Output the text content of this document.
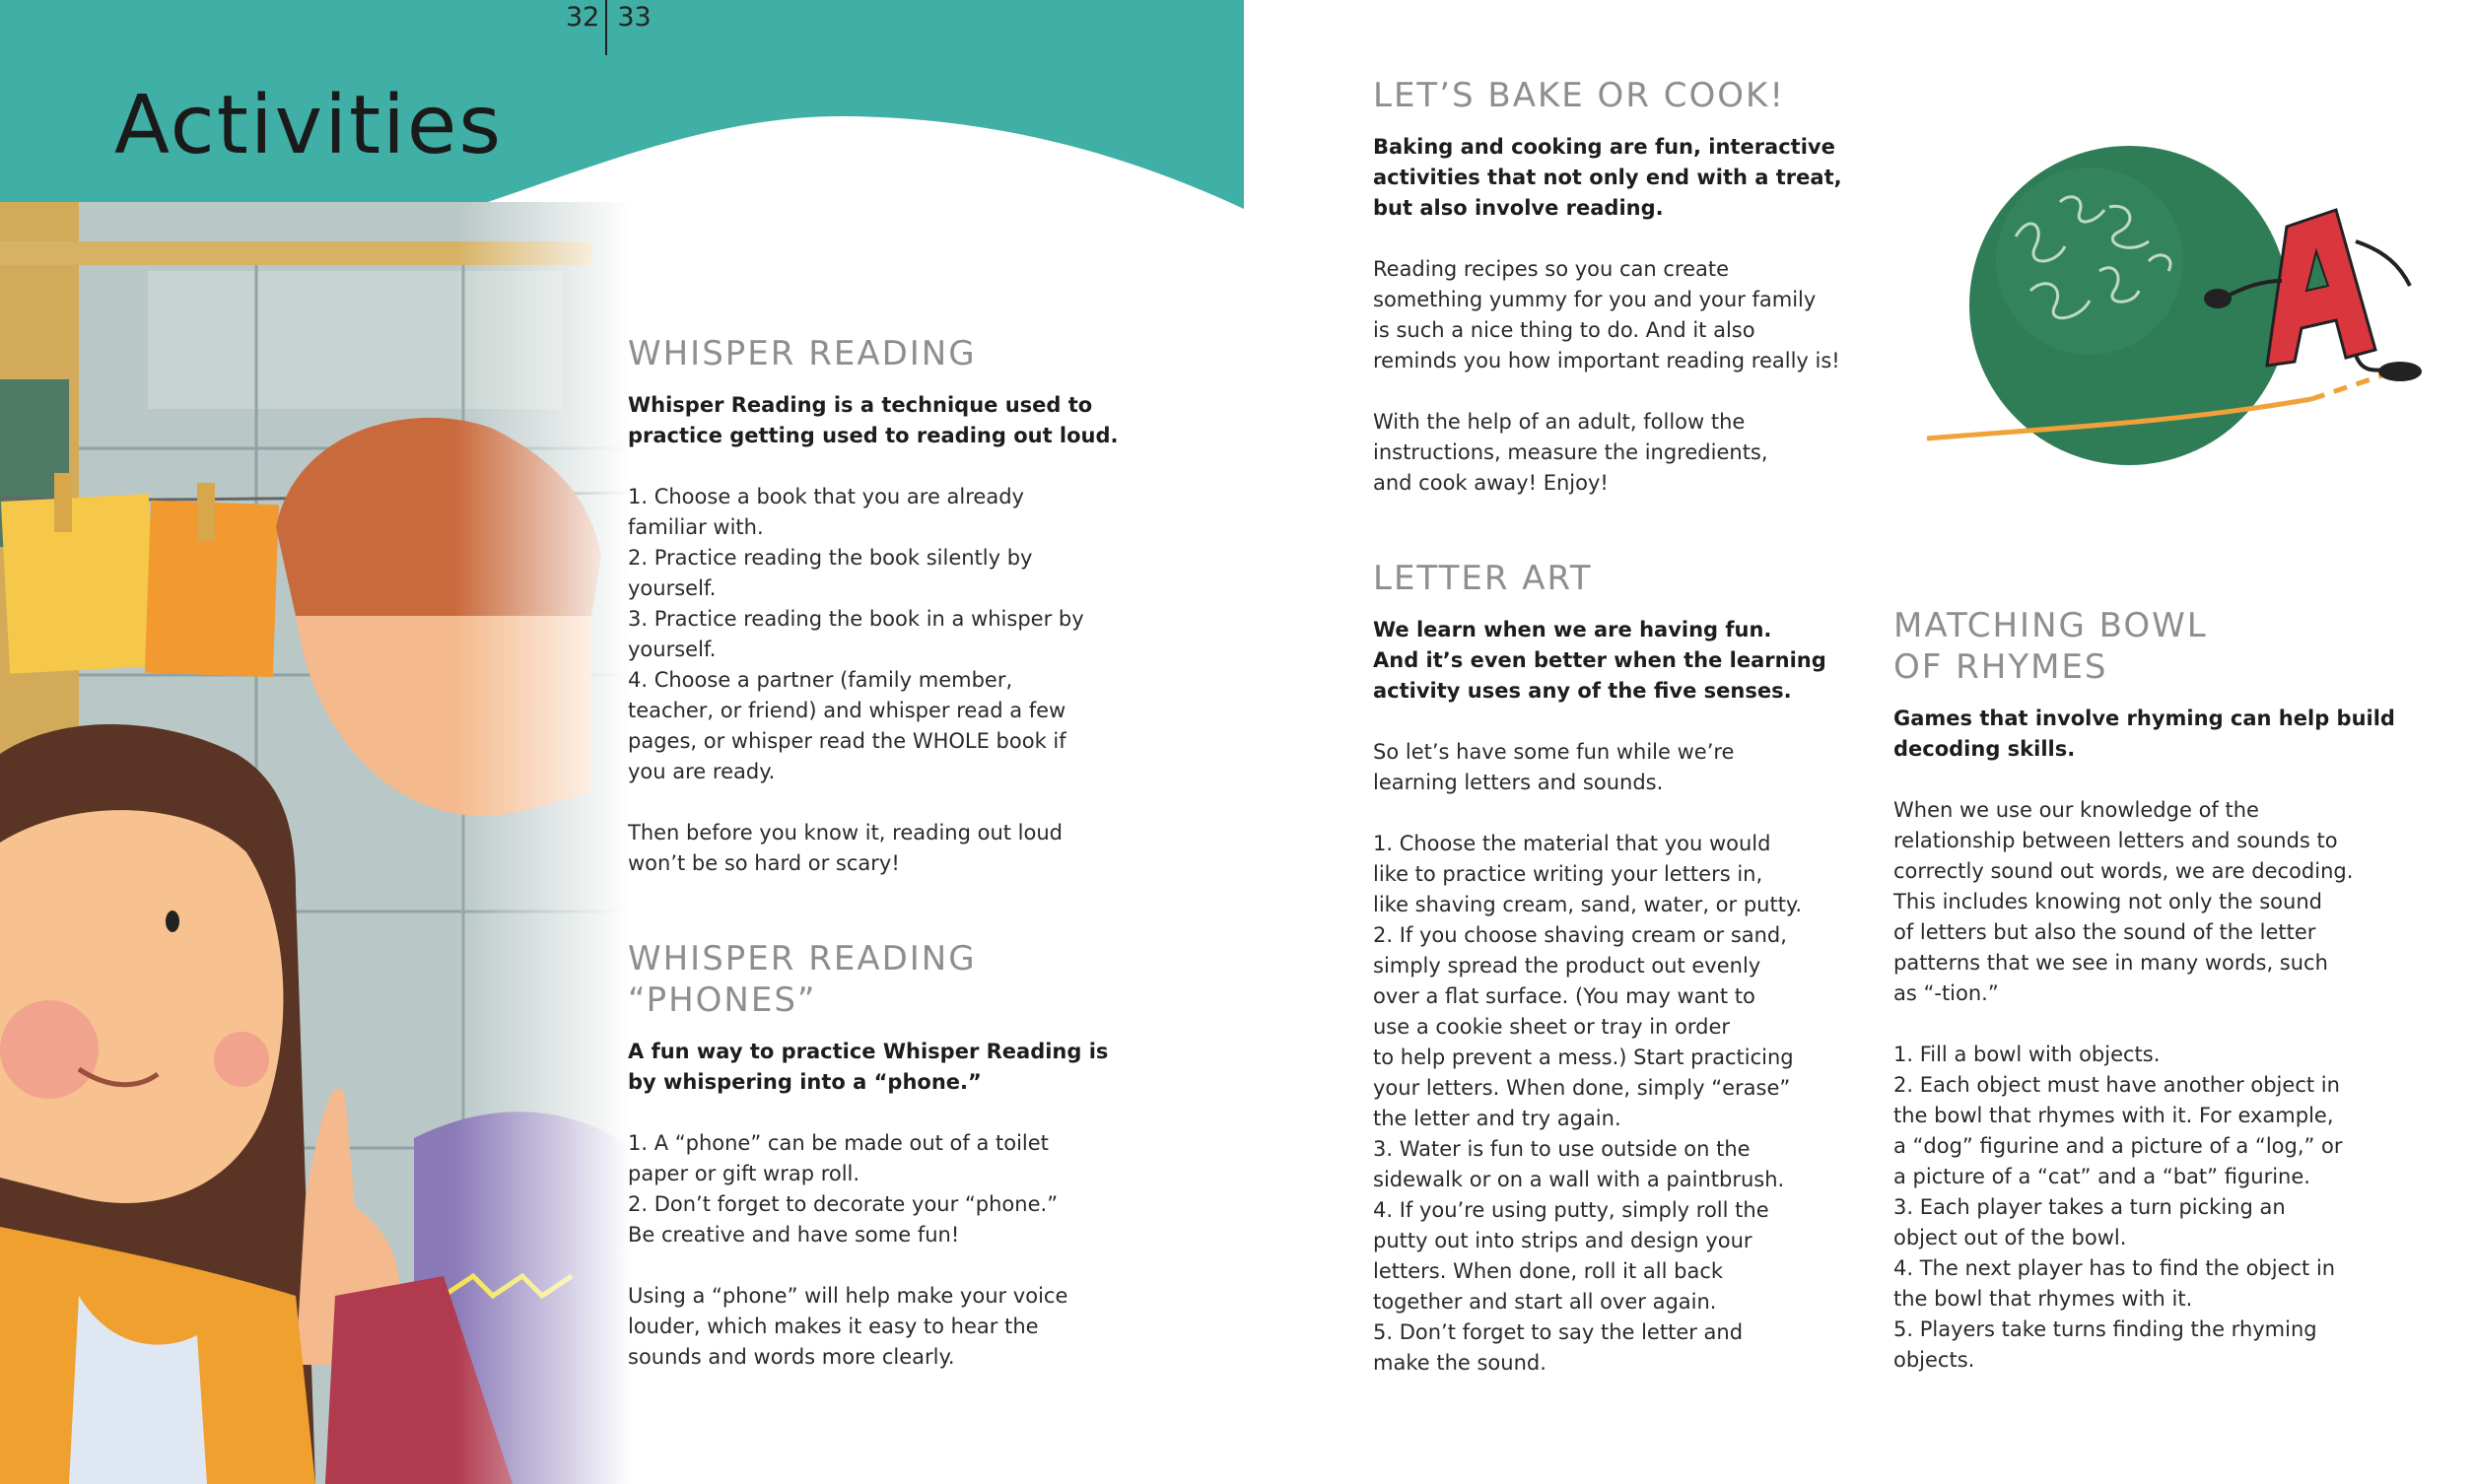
32 33
Activities
WHISPER READING
Whisper Reading is a technique used to
practice getting used to reading out loud.

1. Choose a book that you are already

familiar with.

2. Practice reading the book silently by

yourself.

3. Practice reading the book in a whisper by

yourself.

4. Choose a partner (family member,

teacher, or friend) and whisper read a few

pages, or whisper read the WHOLE book if

you are ready.

Then before you know it, reading out loud

won’t be so hard or scary!

WHISPER READING
“PHONES”
A fun way to practice Whisper Reading is
by whispering into a “phone.”

1. A “phone” can be made out of a toilet

paper or gift wrap roll.

2. Don’t forget to decorate your “phone.”

Be creative and have some fun!

Using a “phone” will help make your voice

louder, which makes it easy to hear the

sounds and words more clearly.

LET’S BAKE OR COOK!
Baking and cooking are fun, interactive
activities that not only end with a treat,
but also involve reading.

Reading recipes so you can create

something yummy for you and your family

is such a nice thing to do. And it also

reminds you how important reading really is!

With the help of an adult, follow the

instructions, measure the ingredients,

and cook away! Enjoy!

LETTER ART
We learn when we are having fun.
And it’s even better when the learning
activity uses any of the five senses.

So let’s have some fun while we’re

learning letters and sounds.

1. Choose the material that you would

like to practice writing your letters in,

like shaving cream, sand, water, or putty.

2. If you choose shaving cream or sand,

simply spread the product out evenly

over a flat surface. (You may want to

use a cookie sheet or tray in order

to help prevent a mess.) Start practicing

your letters. When done, simply “erase”

the letter and try again.

3. Water is fun to use outside on the

sidewalk or on a wall with a paintbrush.

4. If you’re using putty, simply roll the

putty out into strips and design your

letters. When done, roll it all back

together and start all over again.

5. Don’t forget to say the letter and

make the sound.

MATCHING BOWL
OF RHYMES
Games that involve rhyming can help build
decoding skills.

When we use our knowledge of the

relationship between letters and sounds to

correctly sound out words, we are decoding.

This includes knowing not only the sound

of letters but also the sound of the letter

patterns that we see in many words, such

as “-tion.”

1. Fill a bowl with objects.

2. Each object must have another object in

the bowl that rhymes with it. For example,

a “dog” figurine and a picture of a “log,” or

a picture of a “cat” and a “bat” figurine.

3. Each player takes a turn picking an

object out of the bowl.

4. The next player has to find the object in

the bowl that rhymes with it.

5. Players take turns finding the rhyming

objects.
